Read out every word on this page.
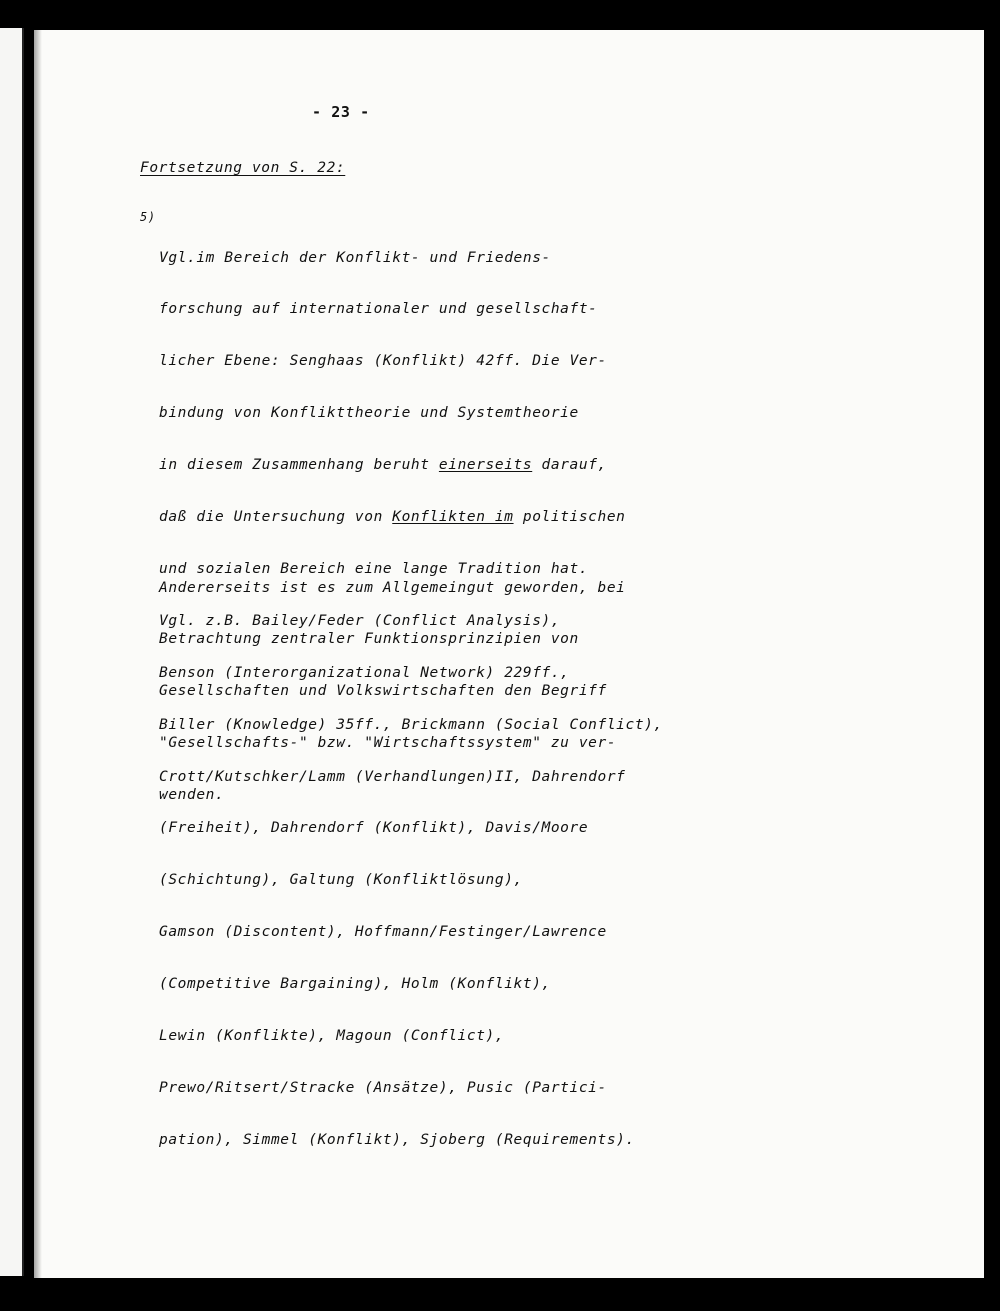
- 23 -
Fortsetzung von S. 22:
5)

Vgl.im Bereich der Konflikt- und Friedens-

forschung auf internationaler und gesellschaft-

licher Ebene: Senghaas (Konflikt) 42ff. Die Ver-

bindung von Konflikttheorie und Systemtheorie

in diesem Zusammenhang beruht einerseits darauf,

daß die Untersuchung von Konflikten im politischen

und sozialen Bereich eine lange Tradition hat.

Vgl. z.B. Bailey/Feder (Conflict Analysis),

Benson (Interorganizational Network) 229ff.,

Biller (Knowledge) 35ff., Brickmann (Social Conflict),

Crott/Kutschker/Lamm (Verhandlungen)II, Dahrendorf

(Freiheit), Dahrendorf (Konflikt), Davis/Moore

(Schichtung), Galtung (Konfliktlösung),

Gamson (Discontent), Hoffmann/Festinger/Lawrence

(Competitive Bargaining), Holm (Konflikt),

Lewin (Konflikte), Magoun (Conflict),

Prewo/Ritsert/Stracke (Ansätze), Pusic (Partici-

pation), Simmel (Konflikt), Sjoberg (Requirements).

Andererseits ist es zum Allgemeingut geworden, bei

Betrachtung zentraler Funktionsprinzipien von

Gesellschaften und Volkswirtschaften den Begriff

"Gesellschafts-" bzw. "Wirtschaftssystem" zu ver-

wenden.
